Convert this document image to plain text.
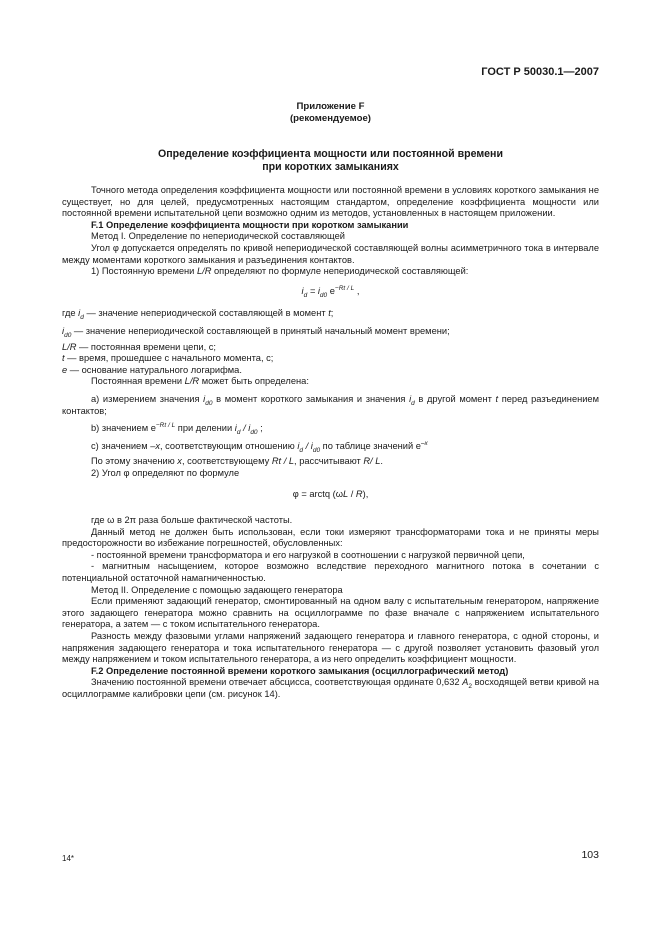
ГОСТ Р 50030.1—2007
Приложение F
(рекомендуемое)
Определение коэффициента мощности или постоянной времени
при коротких замыканиях

Точного метода определения коэффициента мощности или постоянной времени в условиях короткого замыкания не существует, но для целей, предусмотренных настоящим стандартом, определение коэффициента мощности или постоянной времени испытательной цепи возможно одним из методов, установленных в настоящем приложении.

F.1 Определение коэффициента мощности при коротком замыкании

Метод I. Определение по непериодической составляющей

Угол φ допускается определять по кривой непериодической составляющей волны асимметричного тока в интервале между моментами короткого замыкания и разъединения контактов.

1) Постоянную времени L/R определяют по формуле непериодической составляющей:

$i_d = i_{d0}$ $e^{-Rt / L}$ ,

где $i_d$ — значение непериодической составляющей в момент t;

$i_{d0}$ — значение непериодической составляющей в принятый начальный момент времени;

L/R — постоянная времени цепи, с;

t — время, прошедшее с начального момента, с;

e — основание натурального логарифма.

Постоянная времени L/R может быть определена:

а) измерением значения $i_{d0}$ в момент короткого замыкания и значения $i_d$ в другой момент t перед разъединением контактов;

b) значением $e^{-Rt / L}$ при делении $i_d / i_{d0}$ ;

с) значением –x, соответствующим отношению $i_d / i_{d0}$ по таблице значений $e^{-x}$

По этому значению x, соответствующему Rt / L, рассчитывают R/ L.

2) Угол φ определяют по формуле

φ = arctq (ωL / R),

где ω в 2π раза больше фактической частоты.

Данный метод не должен быть использован, если токи измеряют трансформаторами тока и не приняты меры предосторожности во избежание погрешностей, обусловленных:

- постоянной времени трансформатора и его нагрузкой в соотношении с нагрузкой первичной цепи,

- магнитным насыщением, которое возможно вследствие переходного магнитного потока в сочетании с потенциальной остаточной намагниченностью.

Метод II. Определение с помощью задающего генератора

Если применяют задающий генератор, смонтированный на одном валу с испытательным генератором, напряжение этого задающего генератора можно сравнить на осциллограмме по фазе вначале с напряжением испытательного генератора, а затем — с током испытательного генератора.

Разность между фазовыми углами напряжений задающего генератора и главного генератора, с одной стороны, и напряжения задающего генератора и тока испытательного генератора — с другой позволяет установить фазовый угол между напряжением и током испытательного генератора, а из него определить коэффициент мощности.

F.2 Определение постоянной времени короткого замыкания (осциллографический метод)

Значению постоянной времени отвечает абсцисса, соответствующая ординате 0,632 $A_2$ восходящей ветви кривой на осциллограмме калибровки цепи (см. рисунок 14).

14*	103
